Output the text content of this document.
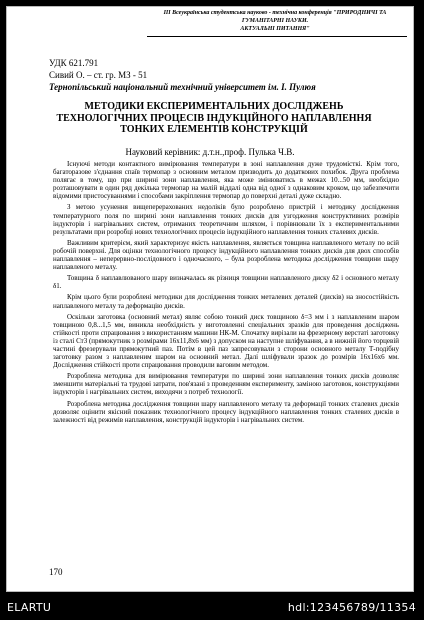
III Всеукраїнська студентська науково - технічна конференція "ПРИРОДНИЧІ ТА ГУМАНІТАРНІ НАУКИ.
АКТУАЛЬНІ ПИТАННЯ"
УДК 621.791
Сивий О. – ст. гр. МЗ - 51
Тернопільський національний технічний університет ім. І. Пулюя
МЕТОДИКИ ЕКСПЕРИМЕНТАЛЬНИХ ДОСЛІДЖЕНЬ
ТЕХНОЛОГІЧНИХ ПРОЦЕСІВ ІНДУКЦІЙНОГО НАПЛАВЛЕННЯ
ТОНКИХ ЕЛЕМЕНТІВ КОНСТРУКЦІЙ
Науковий керівник: д.т.н.,проф. Пулька Ч.В.

Існуючі методи контактного вимірювання температури в зоні наплавлення дуже трудомісткі. Крім того, багаторазове з'єднання спаїв термопар з основним металом призводить до додаткових похибок. Друга проблема полягає в тому, що при ширині зони наплавлення, яка може змінюватись в межах 10...50 мм, необхідно розташовувати в один ряд декілька термопар на малій віддалі одна від одної з однаковим кроком, що забезпечити відомими пристосуваннями і способами закріплення термопар до поверхні деталі дуже складно.

З метою усунення вищеперерахованих недоліків було розроблено пристрій і методику дослідження температурного поля по ширині зони наплавлення тонких дисків для узгодження конструктивних розмірів індукторів і нагрівальних систем, отриманих теоретичним шляхом, і порівнювали їх з експериментальними результатами при розробці нових технологічних процесів індукційного наплавлення тонких сталевих дисків.

Важливим критерієм, який характеризує якість наплавлення, являється товщина наплавленого металу по всій робочій поверхні. Для оцінки технологічного процесу індукційного наплавлення тонких дисків для двох способів наплавлення – неперервно-послідовного і одночасного, – була розроблена методика дослідження товщини шару наплавленого металу.

Товщина δ наплавлюваного шару визначалась як різниця товщини наплавленого диску δ2 і основного металу δ1.

Крім цього були розроблені методики для дослідження тонких металевих деталей (дисків) на зносостійкість наплавленого металу та деформацію дисків.

Оскільки заготовка (основний метал) являє собою тонкий диск товщиною δ=3 мм і з наплавленим шаром товщиною 0,8...1,5 мм, виникла необхідність у виготовленні спеціальних зразків для проведення досліджень стійкості проти спрацювання з використанням машини НК-М. Спочатку вирізали на фрезерному верстаті заготовку із сталі Ст3 (прямокутник з розмірами 16х11,8х6 мм) з допуском на наступне шліфування, а в нижній його торцевій частині фрезерували прямокутний паз. Потім в цей паз запресовували з сторони основного металу Т-подібну заготовку разом з наплавленим шаром на основний метал. Далі шліфували зразок до розмірів 16х16х6 мм. Дослідження стійкості проти спрацювання проводили ваговим методом.

Розроблена методика для вимірювання температури по ширині зони наплавлення тонких дисків дозволяє зменшити матеріальні та трудові затрати, пов'язані з проведенням експерименту, заміною заготовок, конструкціями індукторів і нагрівальних систем, виходячи з потреб технології.

Розроблена методика дослідження товщини шару наплавленого металу та деформації тонких сталевих дисків дозволяє оцінити якісний показник технологічного процесу індукційного наплавлення тонких сталевих дисків в залежності від режимів наплавлення, конструкцій індукторів і нагрівальних систем.

170
ELARTU	hdl:123456789/11354
